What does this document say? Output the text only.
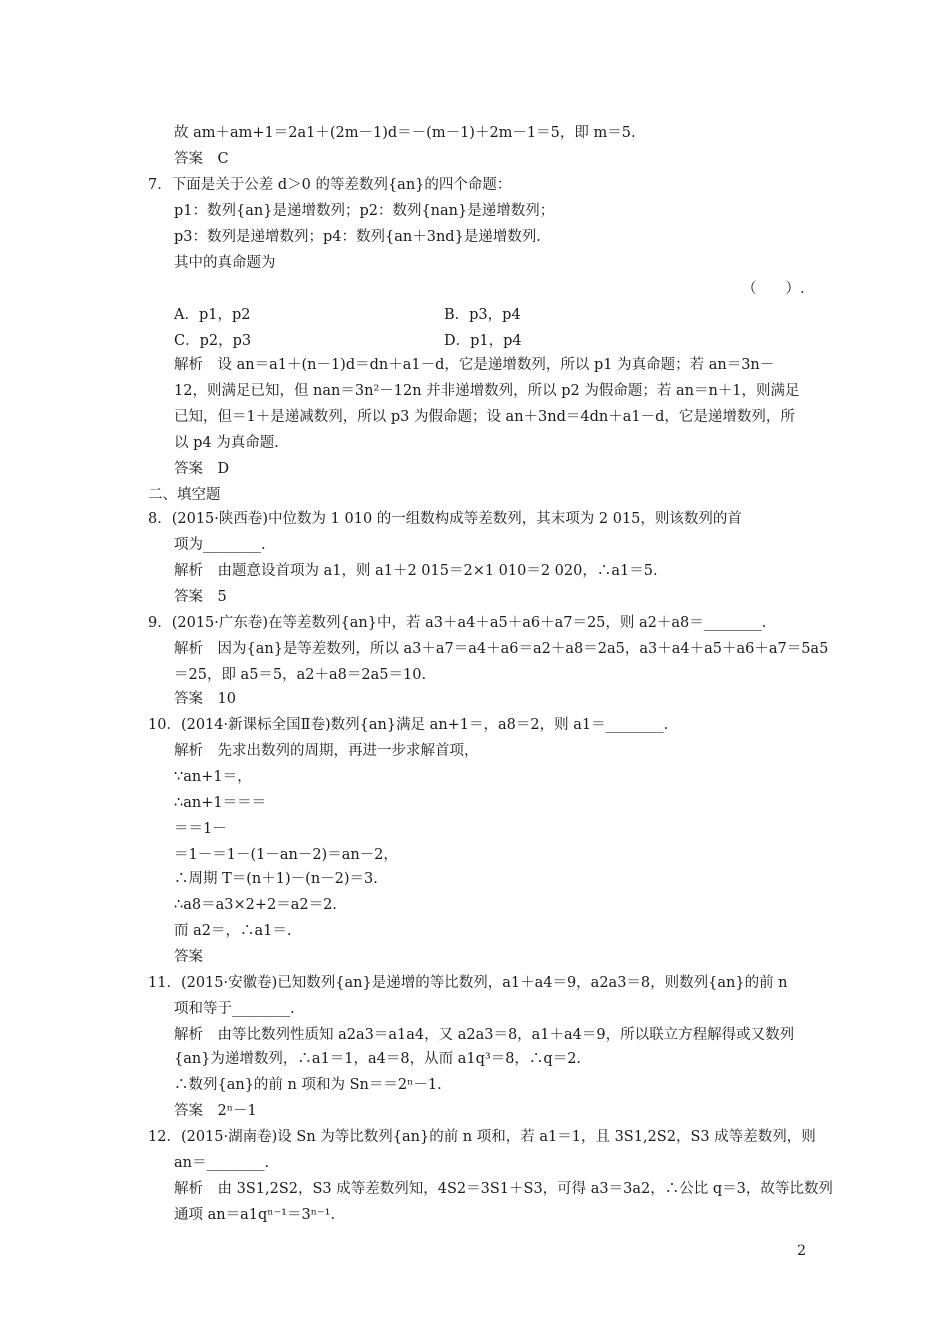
故 am＋am+1＝2a1＋(2m－1)d＝－(m－1)＋2m－1＝5，即 m＝5.
答案　C
7．下面是关于公差 d＞0 的等差数列{an}的四个命题：
p1：数列{an}是递增数列；p2：数列{nan}是递增数列；
p3：数列是递增数列；p4：数列{an＋3nd}是递增数列.
其中的真命题为
（　　）.
A．p1，p2	B．p3，p4
C．p2，p3	D．p1，p4
解析　设 an＝a1＋(n－1)d＝dn＋a1－d，它是递增数列，所以 p1 为真命题；若 an＝3n－
12，则满足已知，但 nan＝3n²－12n 并非递增数列，所以 p2 为假命题；若 an＝n＋1，则满足
已知，但＝1＋是递减数列，所以 p3 为假命题；设 an＋3nd＝4dn＋a1－d，它是递增数列，所
以 p4 为真命题.
答案　D
二、填空题
8．(2015·陕西卷)中位数为 1 010 的一组数构成等差数列，其末项为 2 015，则该数列的首
项为________.
解析　由题意设首项为 a1，则 a1＋2 015＝2×1 010＝2 020，∴a1＝5.
答案　5
9．(2015·广东卷)在等差数列{an}中，若 a3＋a4＋a5＋a6＋a7＝25，则 a2＋a8＝________.
解析　因为{an}是等差数列，所以 a3＋a7＝a4＋a6＝a2＋a8＝2a5，a3＋a4＋a5＋a6＋a7＝5a5
＝25，即 a5＝5，a2＋a8＝2a5＝10.
答案　10
10．(2014·新课标全国Ⅱ卷)数列{an}满足 an+1＝，a8＝2，则 a1＝________.
解析　先求出数列的周期，再进一步求解首项，
∵an+1＝，
∴an+1＝＝＝
＝＝1－
＝1－＝1－(1－an－2)＝an－2，
∴周期 T＝(n＋1)－(n－2)＝3.
∴a8＝a3×2+2＝a2＝2.
而 a2＝，∴a1＝.
答案
11．(2015·安徽卷)已知数列{an}是递增的等比数列，a1＋a4＝9，a2a3＝8，则数列{an}的前 n
项和等于________.
解析　由等比数列性质知 a2a3＝a1a4，又 a2a3＝8，a1＋a4＝9，所以联立方程解得或又数列
{an}为递增数列，∴a1＝1，a4＝8，从而 a1q³＝8，∴q＝2.
∴数列{an}的前 n 项和为 Sn＝＝2ⁿ－1.
答案　2ⁿ－1
12．(2015·湖南卷)设 Sn 为等比数列{an}的前 n 项和，若 a1＝1，且 3S1,2S2，S3 成等差数列，则
an＝________.
解析　由 3S1,2S2，S3 成等差数列知，4S2＝3S1＋S3，可得 a3＝3a2，∴公比 q＝3，故等比数列
通项 an＝a1qⁿ⁻¹＝3ⁿ⁻¹.
2
